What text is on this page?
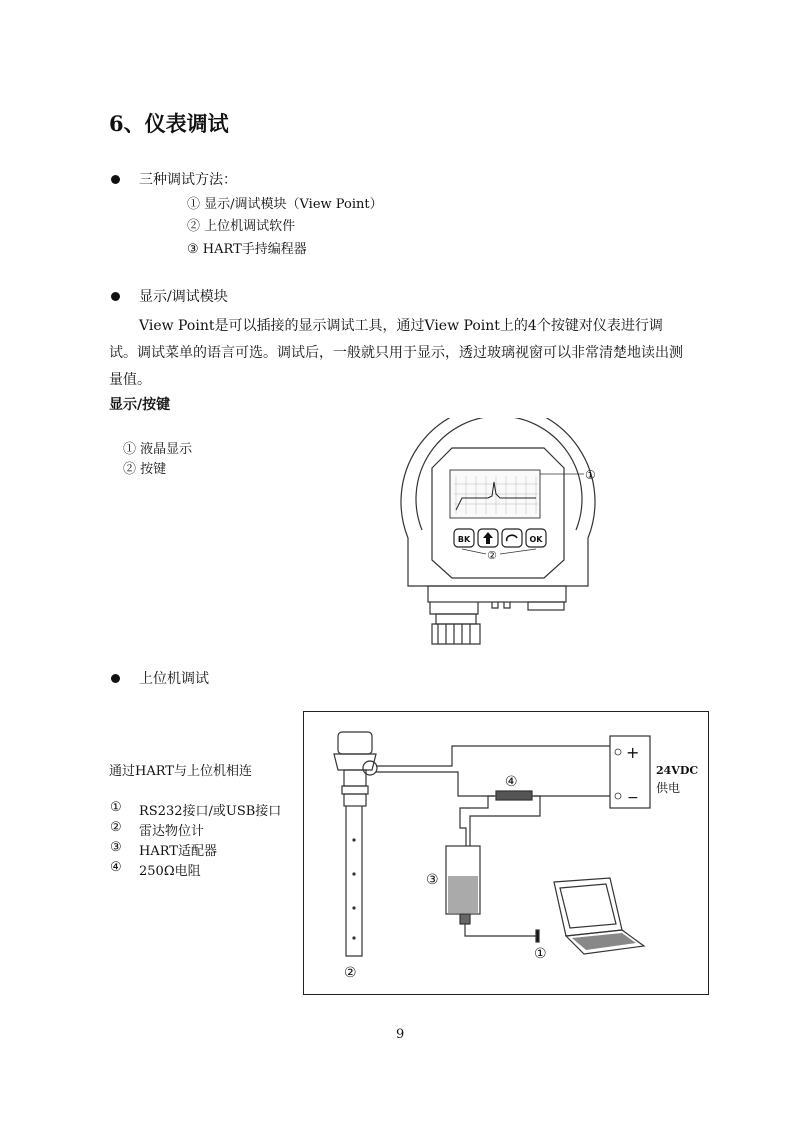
6、仪表调试
三种调试方法：
① 显示/调试模块（View Point）
② 上位机调试软件
③ HART手持编程器
显示/调试模块
View Point是可以插接的显示调试工具，通过View Point上的4个按键对仪表进行调试。调试菜单的语言可选。调试后，一般就只用于显示，透过玻璃视窗可以非常清楚地读出测量值。
显示/按键
① 液晶显示
② 按键	①
BK	OK
②
上位机调试
通过HART与上位机相连
① RS232接口/或USB接口
② 雷达物位计
③ HART适配器
④ 250Ω电阻
+
−
24VDC
供电
④
③
①
②
9
